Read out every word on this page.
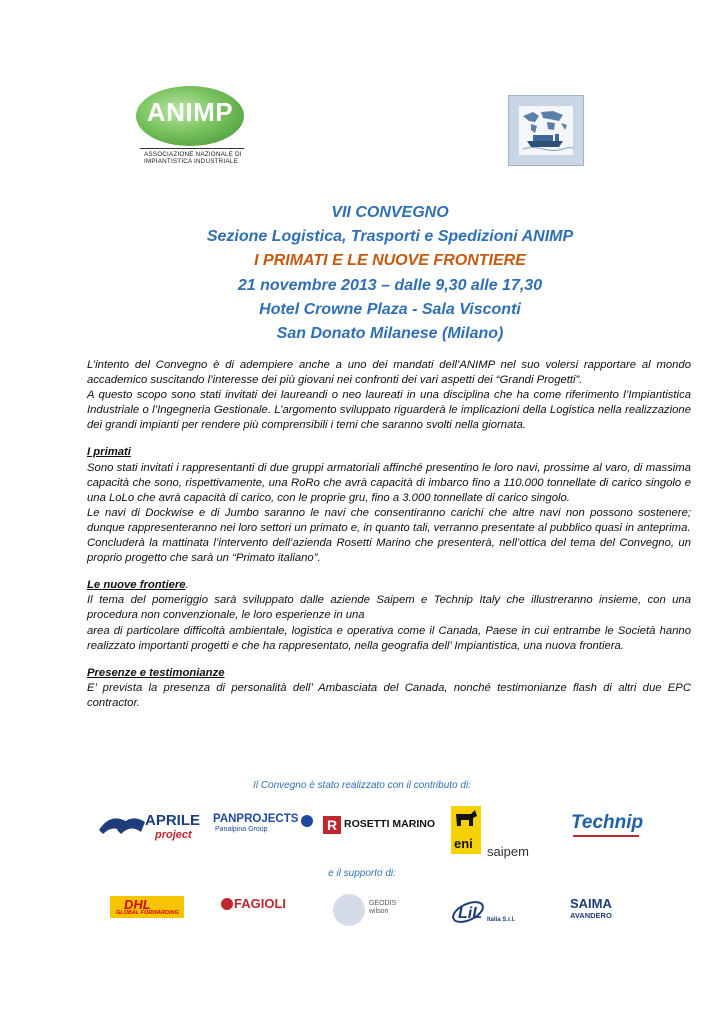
ANIMP
ASSOCIAZIONE NAZIONALE DI
IMPIANTISTICA INDUSTRIALE
VII CONVEGNO
Sezione Logistica, Trasporti e Spedizioni ANIMP
I PRIMATI E LE NUOVE FRONTIERE
21 novembre 2013 – dalle 9,30 alle 17,30
Hotel Crowne Plaza - Sala Visconti
San Donato Milanese (Milano)

L’intento del Convegno è di adempiere anche a uno dei mandati dell’ANIMP nel suo volersi rapportare al mondo accademico suscitando l’interesse dei più giovani nei confronti dei vari aspetti dei “Grandi Progetti”.

A questo scopo sono stati invitati dei laureandi o neo laureati in una disciplina che ha come riferimento l’Impiantistica Industriale o l’Ingegneria Gestionale. L’argomento sviluppato riguarderà le implicazioni della Logistica nella realizzazione dei grandi impianti per rendere più comprensibili i temi che saranno svolti nella giornata.

I primati

Sono stati invitati i rappresentanti di due gruppi armatoriali affinché presentino le loro navi, prossime al varo, di massima capacità che sono, rispettivamente, una RoRo che avrà capacità di imbarco fino a 110.000 tonnellate di carico singolo e una LoLo che avrà capacità di carico, con le proprie gru, fino a 3.000 tonnellate di carico singolo.

Le navi di Dockwise e di Jumbo saranno le navi che consentiranno carichi che altre navi non possono sostenere; dunque rappresenteranno nei loro settori un primato e, in quanto tali, verranno presentate al pubblico quasi in anteprima.

Concluderà la mattinata l’intervento dell’azienda Rosetti Marino che presenterà, nell’ottica del tema del Convegno, un proprio progetto che sarà un “Primato italiano”.

Le nuove frontiere.

Il tema del pomeriggio sarà sviluppato dalle aziende Saipem e Technip Italy che illustreranno insieme, con una procedura non convenzionale, le loro esperienze in una

area di particolare difficoltà ambientale, logistica e operativa come il Canada, Paese in cui entrambe le Società hanno realizzato importanti progetti e che ha rappresentato, nella geografia dell’ Impiantistica, una nuova frontiera.

Presenze e testimonianze

E’ prevista la presenza di personalità dell’ Ambasciata del Canada, nonché testimonianze flash di altri due EPC contractor.

Il Convegno è stato realizzato con il contributo di:
APRILE
project
PANPROJECTS
Panalpina Group	R ROSETTI MARINO
eni
saipem
Technip
e il supporto di:
DHL
GLOBAL FORWARDING
FAGIOLI	GEODIS
wilson	LiL Italia S.r.l.
SAIMA
AVANDERO
